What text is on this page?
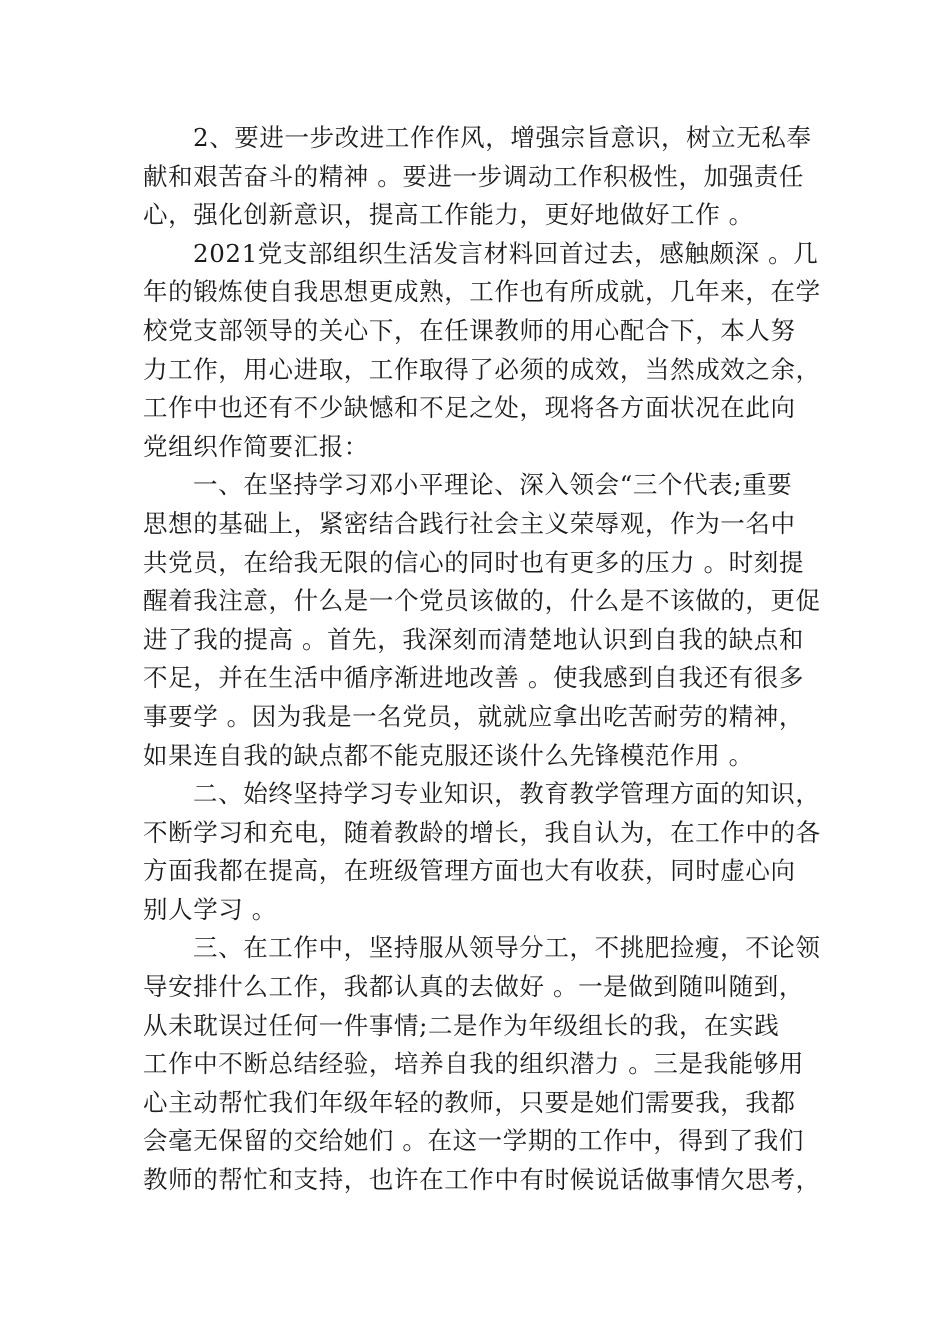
2、要进一步改进工作作风，增强宗旨意识，树立无私奉
献和艰苦奋斗的精神 。要进一步调动工作积极性，加强责任
心，强化创新意识，提高工作能力，更好地做好工作 。
2021党支部组织生活发言材料回首过去，感触颇深 。几
年的锻炼使自我思想更成熟，工作也有所成就，几年来，在学
校党支部领导的关心下，在任课教师的用心配合下，本人努
力工作，用心进取，工作取得了必须的成效，当然成效之余，
工作中也还有不少缺憾和不足之处，现将各方面状况在此向
党组织作简要汇报：
一、在坚持学习邓小平理论、深入领会“三个代表;重要
思想的基础上，紧密结合践行社会主义荣辱观，作为一名中
共党员，在给我无限的信心的同时也有更多的压力 。时刻提
醒着我注意，什么是一个党员该做的，什么是不该做的，更促
进了我的提高 。首先，我深刻而清楚地认识到自我的缺点和
不足，并在生活中循序渐进地改善 。使我感到自我还有很多
事要学 。因为我是一名党员，就就应拿出吃苦耐劳的精神，
如果连自我的缺点都不能克服还谈什么先锋模范作用 。
二、始终坚持学习专业知识，教育教学管理方面的知识，
不断学习和充电，随着教龄的增长，我自认为，在工作中的各
方面我都在提高，在班级管理方面也大有收获，同时虚心向
别人学习 。
三、在工作中，坚持服从领导分工，不挑肥捡瘦，不论领
导安排什么工作，我都认真的去做好 。一是做到随叫随到，
从未耽误过任何一件事情;二是作为年级组长的我，在实践
工作中不断总结经验，培养自我的组织潜力 。三是我能够用
心主动帮忙我们年级年轻的教师，只要是她们需要我，我都
会毫无保留的交给她们 。在这一学期的工作中，得到了我们
教师的帮忙和支持，也许在工作中有时候说话做事情欠思考，
